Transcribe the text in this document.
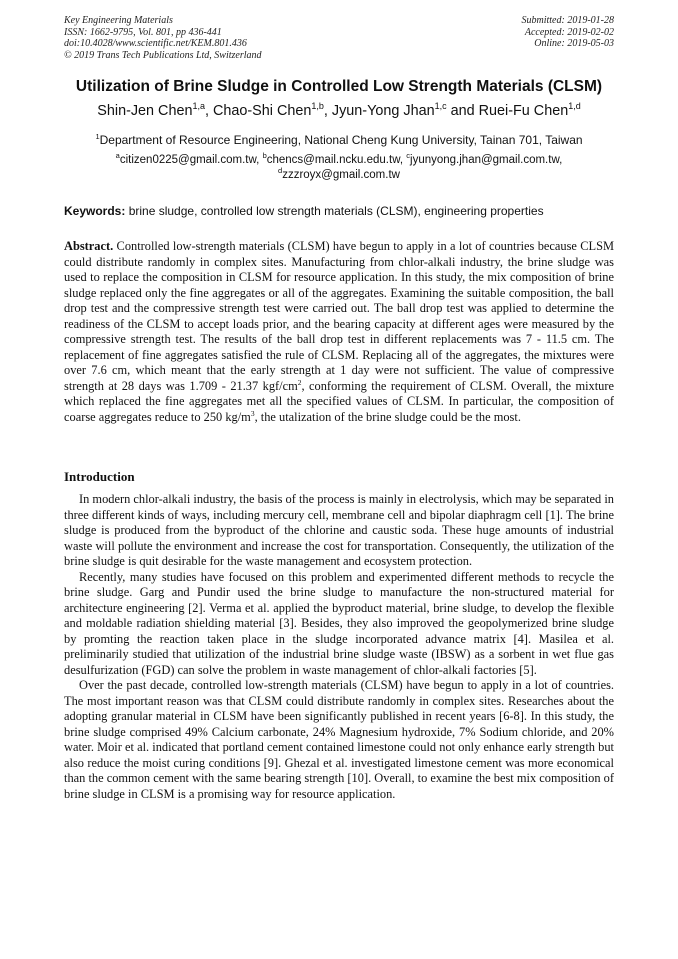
Key Engineering Materials
ISSN: 1662-9795, Vol. 801, pp 436-441
doi:10.4028/www.scientific.net/KEM.801.436
© 2019 Trans Tech Publications Ltd, Switzerland
Submitted: 2019-01-28
Accepted: 2019-02-02
Online: 2019-05-03
Utilization of Brine Sludge in Controlled Low Strength Materials (CLSM)
Shin-Jen Chen$^{1,a}$, Chao-Shi Chen$^{1,b}$, Jyun-Yong Jhan$^{1,c}$ and Ruei-Fu Chen$^{1,d}$
$^1$Department of Resource Engineering, National Cheng Kung University, Tainan 701, Taiwan
$^a$citizen0225@gmail.com.tw, $^b$chencs@mail.ncku.edu.tw, $^c$jyunyong.jhan@gmail.com.tw,
$^d$zzzroyx@gmail.com.tw
Keywords: brine sludge, controlled low strength materials (CLSM), engineering properties
Abstract. Controlled low-strength materials (CLSM) have begun to apply in a lot of countries because CLSM could distribute randomly in complex sites. Manufacturing from chlor-alkali industry, the brine sludge was used to replace the composition in CLSM for resource application. In this study, the mix composition of brine sludge replaced only the fine aggregates or all of the aggregates. Examining the suitable composition, the ball drop test and the compressive strength test were carried out. The ball drop test was applied to determine the readiness of the CLSM to accept loads prior, and the bearing capacity at different ages were measured by the compressive strength test. The results of the ball drop test in different replacements was 7 - 11.5 cm. The replacement of fine aggregates satisfied the rule of CLSM. Replacing all of the aggregates, the mixtures were over 7.6 cm, which meant that the early strength at 1 day were not sufficient. The value of compressive strength at 28 days was 1.709 - 21.37 kgf/$cm^2$, conforming the requirement of CLSM. Overall, the mixture which replaced the fine aggregates met all the specified values of CLSM. In particular, the composition of coarse aggregates reduce to 250 $kg/m^3$, the utalization of the brine sludge could be the most.
Introduction

In modern chlor-alkali industry, the basis of the process is mainly in electrolysis, which may be separated in three different kinds of ways, including mercury cell, membrane cell and bipolar diaphragm cell [1]. The brine sludge is produced from the byproduct of the chlorine and caustic soda. These huge amounts of industrial waste will pollute the environment and increase the cost for transportation. Consequently, the utilization of the brine sludge is quit desirable for the waste management and ecosystem protection.

Recently, many studies have focused on this problem and experimented different methods to recycle the brine sludge. Garg and Pundir used the brine sludge to manufacture the non-structured material for architecture engineering [2]. Verma et al. applied the byproduct material, brine sludge, to develop the flexible and moldable radiation shielding material [3]. Besides, they also improved the geopolymerized brine sludge by promting the reaction taken place in the sludge incorporated advance matrix [4]. Masilea et al. preliminarily studied that utilization of the industrial brine sludge waste (IBSW) as a sorbent in wet flue gas desulfurization (FGD) can solve the problem in waste management of chlor-alkali factories [5].

Over the past decade, controlled low-strength materials (CLSM) have begun to apply in a lot of countries. The most important reason was that CLSM could distribute randomly in complex sites. Researches about the adopting granular material in CLSM have been significantly published in recent years [6-8]. In this study, the brine sludge comprised 49% Calcium carbonate, 24% Magnesium hydroxide, 7% Sodium chloride, and 20% water. Moir et al. indicated that portland cement contained limestone could not only enhance early strength but also reduce the moist curing conditions [9]. Ghezal et al. investigated limestone cement was more economical than the common cement with the same bearing strength [10]. Overall, to examine the best mix composition of brine sludge in CLSM is a promising way for resource application.
